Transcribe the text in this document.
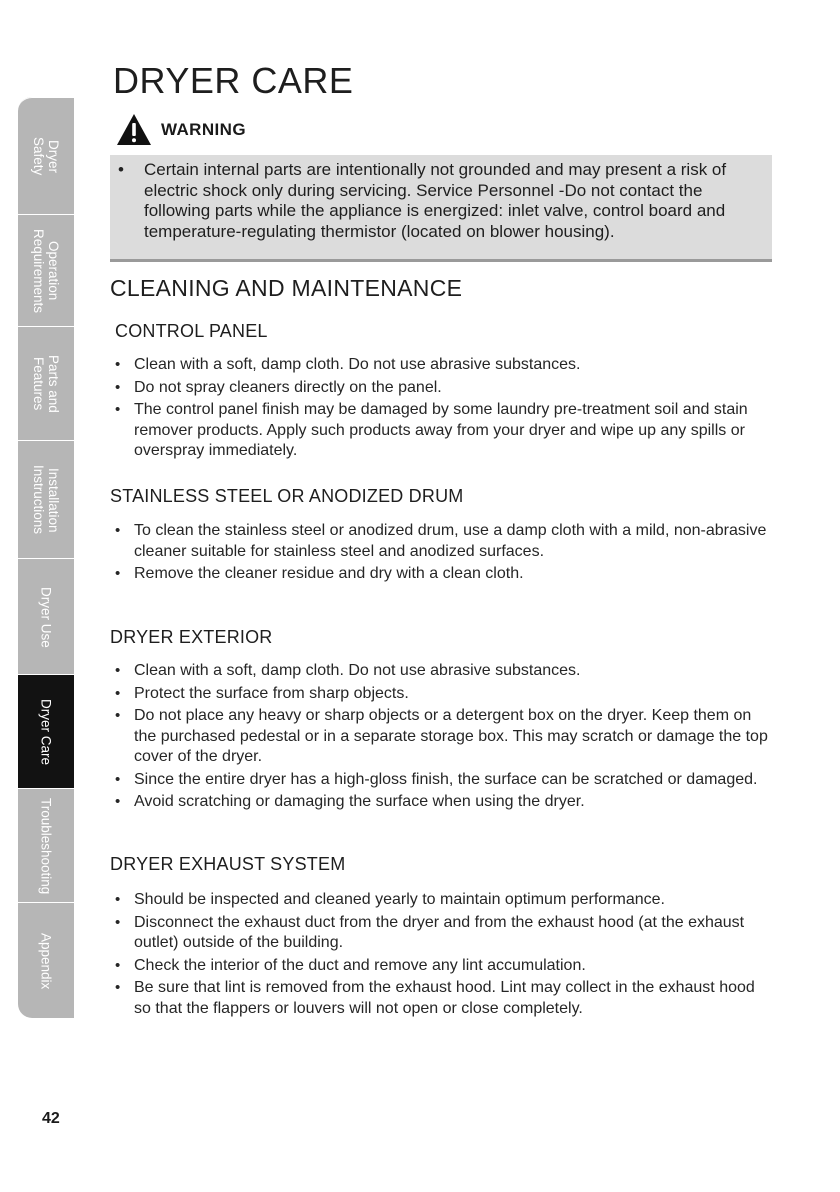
Dryer
Safety
Operation
Requirements
Parts and
Features
Installation
Instructions
Dryer Use
Dryer Care
Troubleshooting
Appendix
DRYER CARE
WARNING
•	Certain internal parts are intentionally not grounded and may present a risk of electric shock only during servicing. Service Personnel -Do not contact the following parts while the appliance is energized: inlet valve, control board and temperature-regulating thermistor (located on blower housing).
CLEANING AND MAINTENANCE
CONTROL PANEL
• Clean with a soft, damp cloth. Do not use abrasive substances.
• Do not spray cleaners directly on the panel.
• The control panel finish may be damaged by some laundry pre-treatment soil and stain remover products. Apply such products away from your dryer and wipe up any spills or overspray immediately.
STAINLESS STEEL OR ANODIZED DRUM
• To clean the stainless steel or anodized drum, use a damp cloth with a mild, non-abrasive cleaner suitable for stainless steel and anodized surfaces.
• Remove the cleaner residue and dry with a clean cloth.
DRYER EXTERIOR
• Clean with a soft, damp cloth. Do not use abrasive substances.
• Protect the surface from sharp objects.
• Do not place any heavy or sharp objects or a detergent box on the dryer. Keep them on the purchased pedestal or in a separate storage box. This may scratch or damage the top cover of the dryer.
• Since the entire dryer has a high-gloss finish, the surface can be scratched or damaged.
• Avoid scratching or damaging the surface when using the dryer.
DRYER EXHAUST SYSTEM
• Should be inspected and cleaned yearly to maintain optimum performance.
• Disconnect the exhaust duct from the dryer and from the exhaust hood (at the exhaust outlet) outside of the building.
• Check the interior of the duct and remove any lint accumulation.
• Be sure that lint is removed from the exhaust hood. Lint may collect in the exhaust hood so that the flappers or louvers will not open or close completely.
42
